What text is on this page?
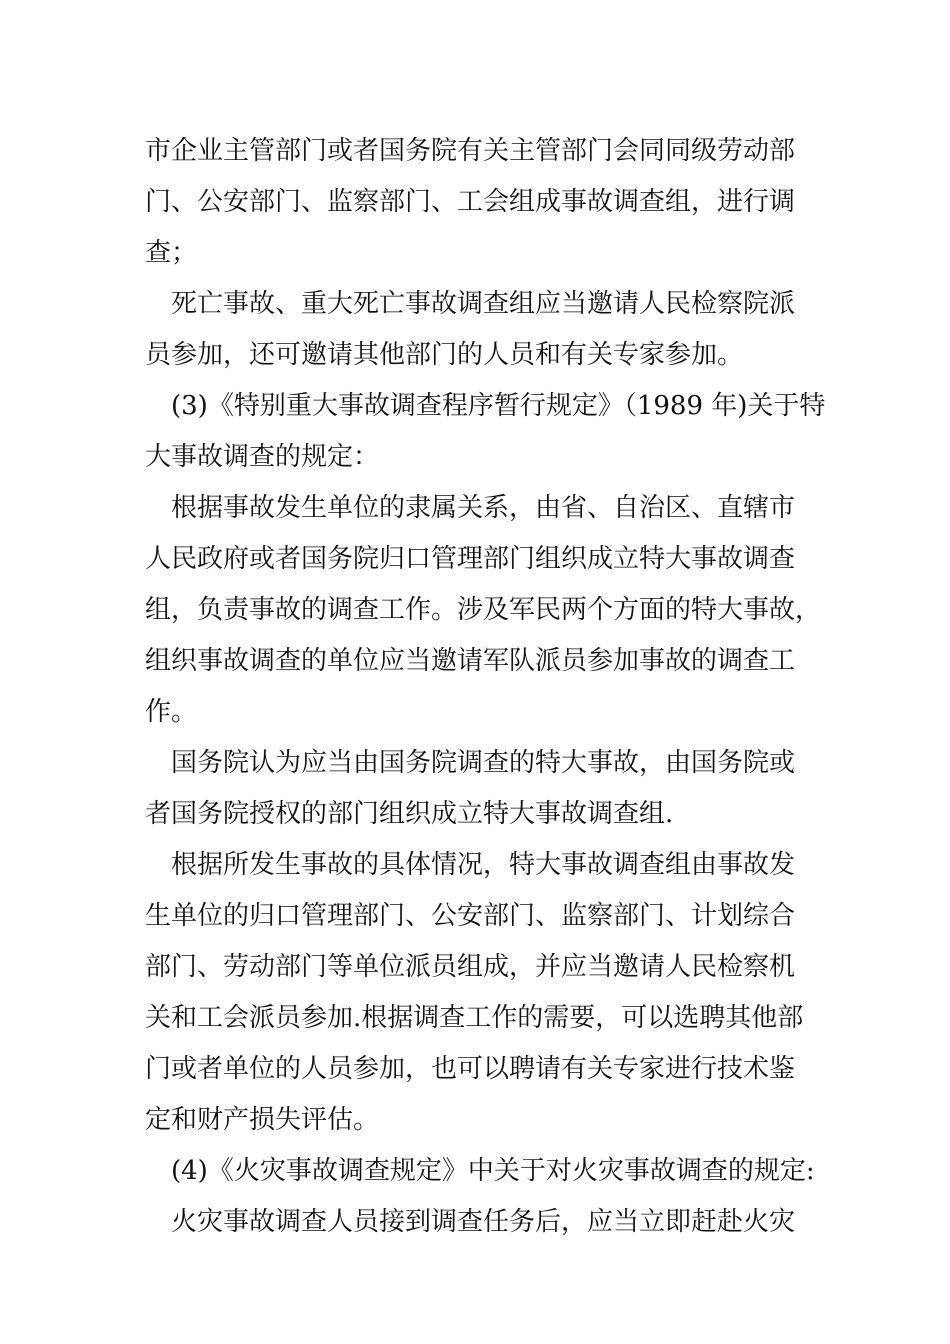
市企业主管部门或者国务院有关主管部门会同同级劳动部
门、公安部门、监察部门、工会组成事故调查组，进行调
查；
死亡事故、重大死亡事故调查组应当邀请人民检察院派
员参加，还可邀请其他部门的人员和有关专家参加。
(3)《特别重大事故调查程序暂行规定》（1989 年)关于特
大事故调查的规定：
根据事故发生单位的隶属关系，由省、自治区、直辖市
人民政府或者国务院归口管理部门组织成立特大事故调查
组，负责事故的调查工作。涉及军民两个方面的特大事故，
组织事故调查的单位应当邀请军队派员参加事故的调查工
作。
国务院认为应当由国务院调查的特大事故，由国务院或
者国务院授权的部门组织成立特大事故调查组.
根据所发生事故的具体情况，特大事故调查组由事故发
生单位的归口管理部门、公安部门、监察部门、计划综合
部门、劳动部门等单位派员组成，并应当邀请人民检察机
关和工会派员参加.根据调查工作的需要，可以选聘其他部
门或者单位的人员参加，也可以聘请有关专家进行技术鉴
定和财产损失评估。
(4)《火灾事故调查规定》中关于对火灾事故调查的规定:
火灾事故调查人员接到调查任务后，应当立即赶赴火灾
